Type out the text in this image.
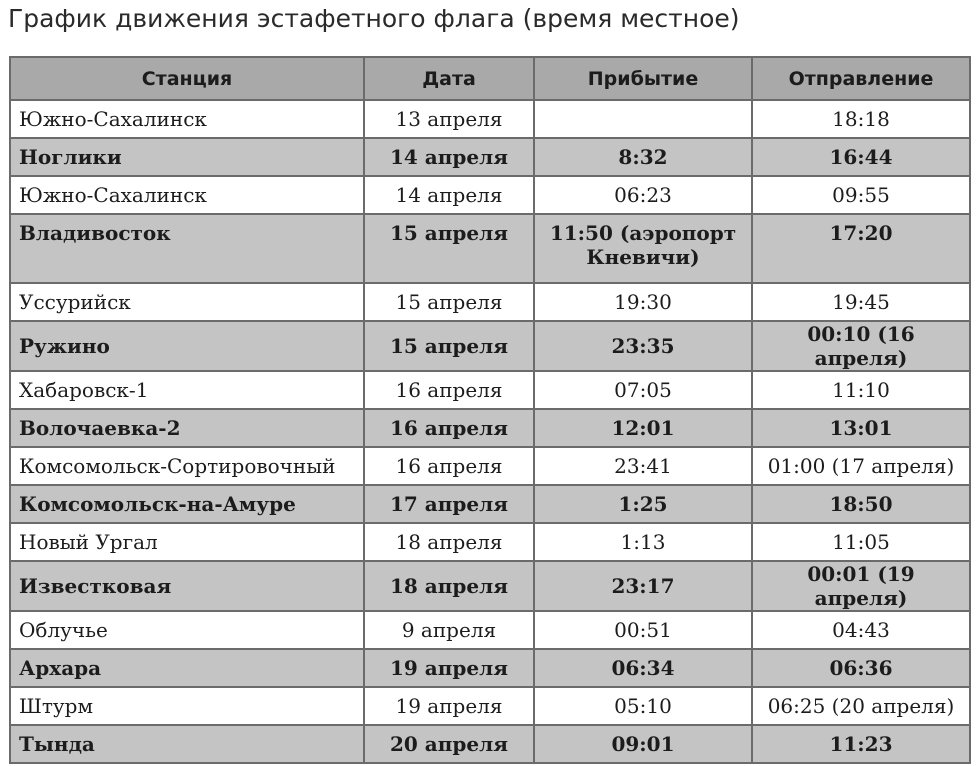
График движения эстафетного флага (время местное)
Станция	Дата	Прибытие	Отправление
Южно-Сахалинск	13 апреля		18:18
Ноглики	14 апреля	8:32	16:44
Южно-Сахалинск	14 апреля	06:23	09:55
Владивосток	15 апреля	11:50 (аэропорт Кневичи)	17:20
Уссурийск	15 апреля	19:30	19:45
Ружино	15 апреля	23:35	00:10 (16 апреля)
Хабаровск-1	16 апреля	07:05	11:10
Волочаевка-2	16 апреля	12:01	13:01
Комсомольск-Сортировочный	16 апреля	23:41	01:00 (17 апреля)
Комсомольск-на-Амуре	17 апреля	1:25	18:50
Новый Ургал	18 апреля	1:13	11:05
Известковая	18 апреля	23:17	00:01 (19 апреля)
Облучье	9 апреля	00:51	04:43
Архара	19 апреля	06:34	06:36
Штурм	19 апреля	05:10	06:25 (20 апреля)
Тында	20 апреля	09:01	11:23
